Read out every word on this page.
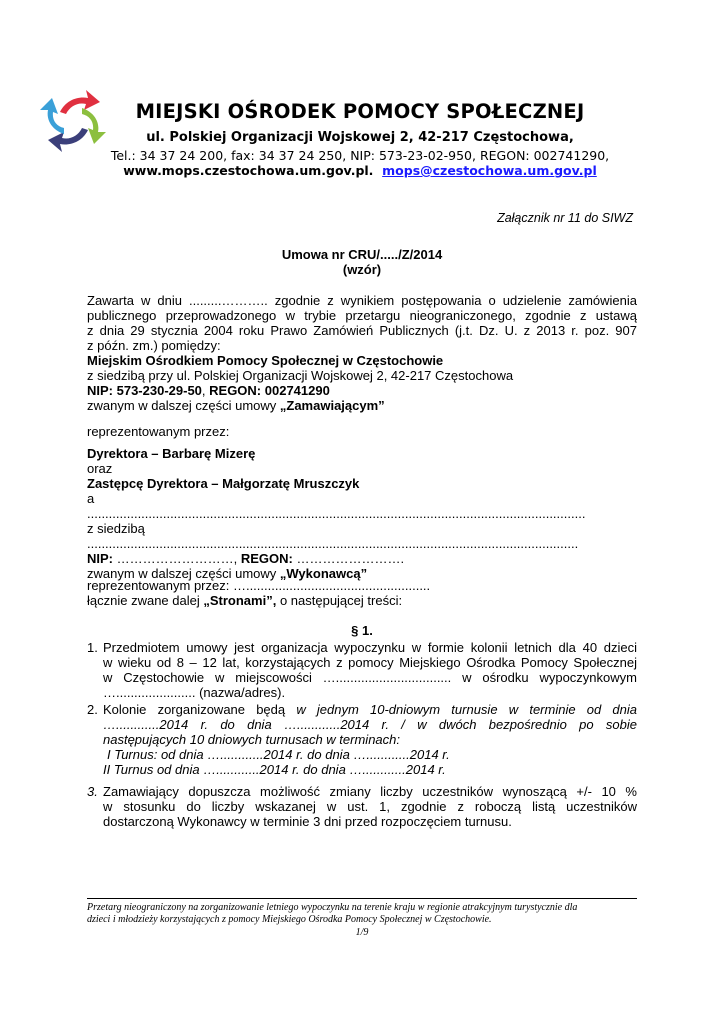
MIEJSKI OŚRODEK POMOCY SPOŁECZNEJ
ul. Polskiej Organizacji Wojskowej 2, 42-217 Częstochowa,
Tel.: 34 37 24 200, fax: 34 37 24 250, NIP: 573-23-02-950, REGON: 002741290,
www.mops.czestochowa.um.gov.pl. mops@czestochowa.um.gov.pl
Załącznik nr 11 do SIWZ
Umowa nr CRU/...../Z/2014
(wzór)
Zawarta w dniu .........……….. zgodnie z wynikiem postępowania o udzielenie zamówienia
publicznego przeprowadzonego w trybie przetargu nieograniczonego, zgodnie z ustawą
z dnia 29 stycznia 2004 roku Prawo Zamówień Publicznych (j.t. Dz. U. z 2013 r. poz. 907
z późn. zm.) pomiędzy:
Miejskim Ośrodkiem Pomocy Społecznej w Częstochowie
z siedzibą przy ul. Polskiej Organizacji Wojskowej 2, 42-217 Częstochowa
NIP: 573-230-29-50, REGON: 002741290
zwanym w dalszej części umowy „Zamawiającym”
reprezentowanym przez:
Dyrektora – Barbarę Mizerę
oraz
Zastępcę Dyrektora – Małgorzatę Mruszczyk
a
..........................................................................................................................................
z siedzibą ........................................................................................................................................
NIP: ………………………, REGON: …………………….
zwanym w dalszej części umowy „Wykonawcą”
reprezentowanym przez: …...................................................
łącznie zwane dalej „Stronami”, o następującej treści:
§ 1.
1. Przedmiotem umowy jest organizacja wypoczynku w formie kolonii letnich dla 40 dzieci
w wieku od 8 – 12 lat, korzystających z pomocy Miejskiego Ośrodka Pomocy Społecznej
w Częstochowie w miejscowości …................................ w ośrodku wypoczynkowym
…...................... (nazwa/adres).
2. Kolonie zorganizowane będą w jednym 10-dniowym turnusie w terminie od dnia
…............2014 r. do dnia …............2014 r. / w dwóch bezpośrednio po sobie
następujących 10 dniowych turnusach w terminach:
I Turnus: od dnia …............2014 r. do dnia …............2014 r.
II Turnus od dnia …............2014 r. do dnia …............2014 r.
3. Zamawiający dopuszcza możliwość zmiany liczby uczestników wynoszącą +/- 10 %
w stosunku do liczby wskazanej w ust. 1, zgodnie z roboczą listą uczestników
dostarczoną Wykonawcy w terminie 3 dni przed rozpoczęciem turnusu.
Przetarg nieograniczony na zorganizowanie letniego wypoczynku na terenie kraju w regionie atrakcyjnym turystycznie dla
dzieci i młodzieży korzystających z pomocy Miejskiego Ośrodka Pomocy Społecznej w Częstochowie.
1/9
